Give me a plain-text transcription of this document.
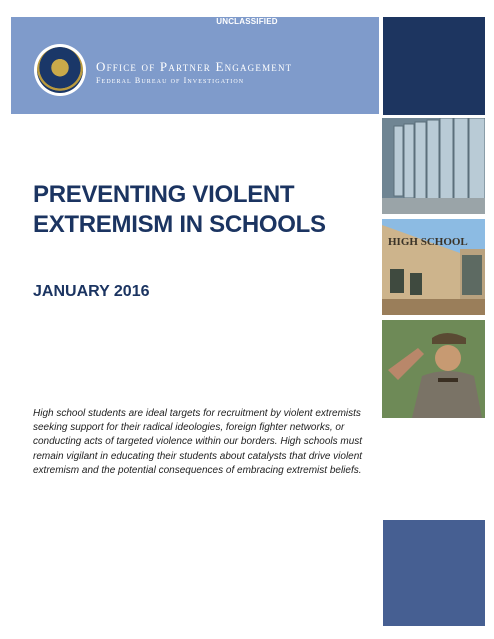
UNCLASSIFIED
Office of Partner Engagement
Federal Bureau of Investigation
HIGH SCHOOL
PREVENTING VIOLENT
EXTREMISM IN SCHOOLS

JANUARY 2016

High school students are ideal targets for recruitment by violent extremists seeking support for their radical ideologies, foreign fighter networks, or conducting acts of targeted violence within our borders. High schools must remain vigilant in educating their students about catalysts that drive violent extremism and the potential consequences of embracing extremist beliefs.
